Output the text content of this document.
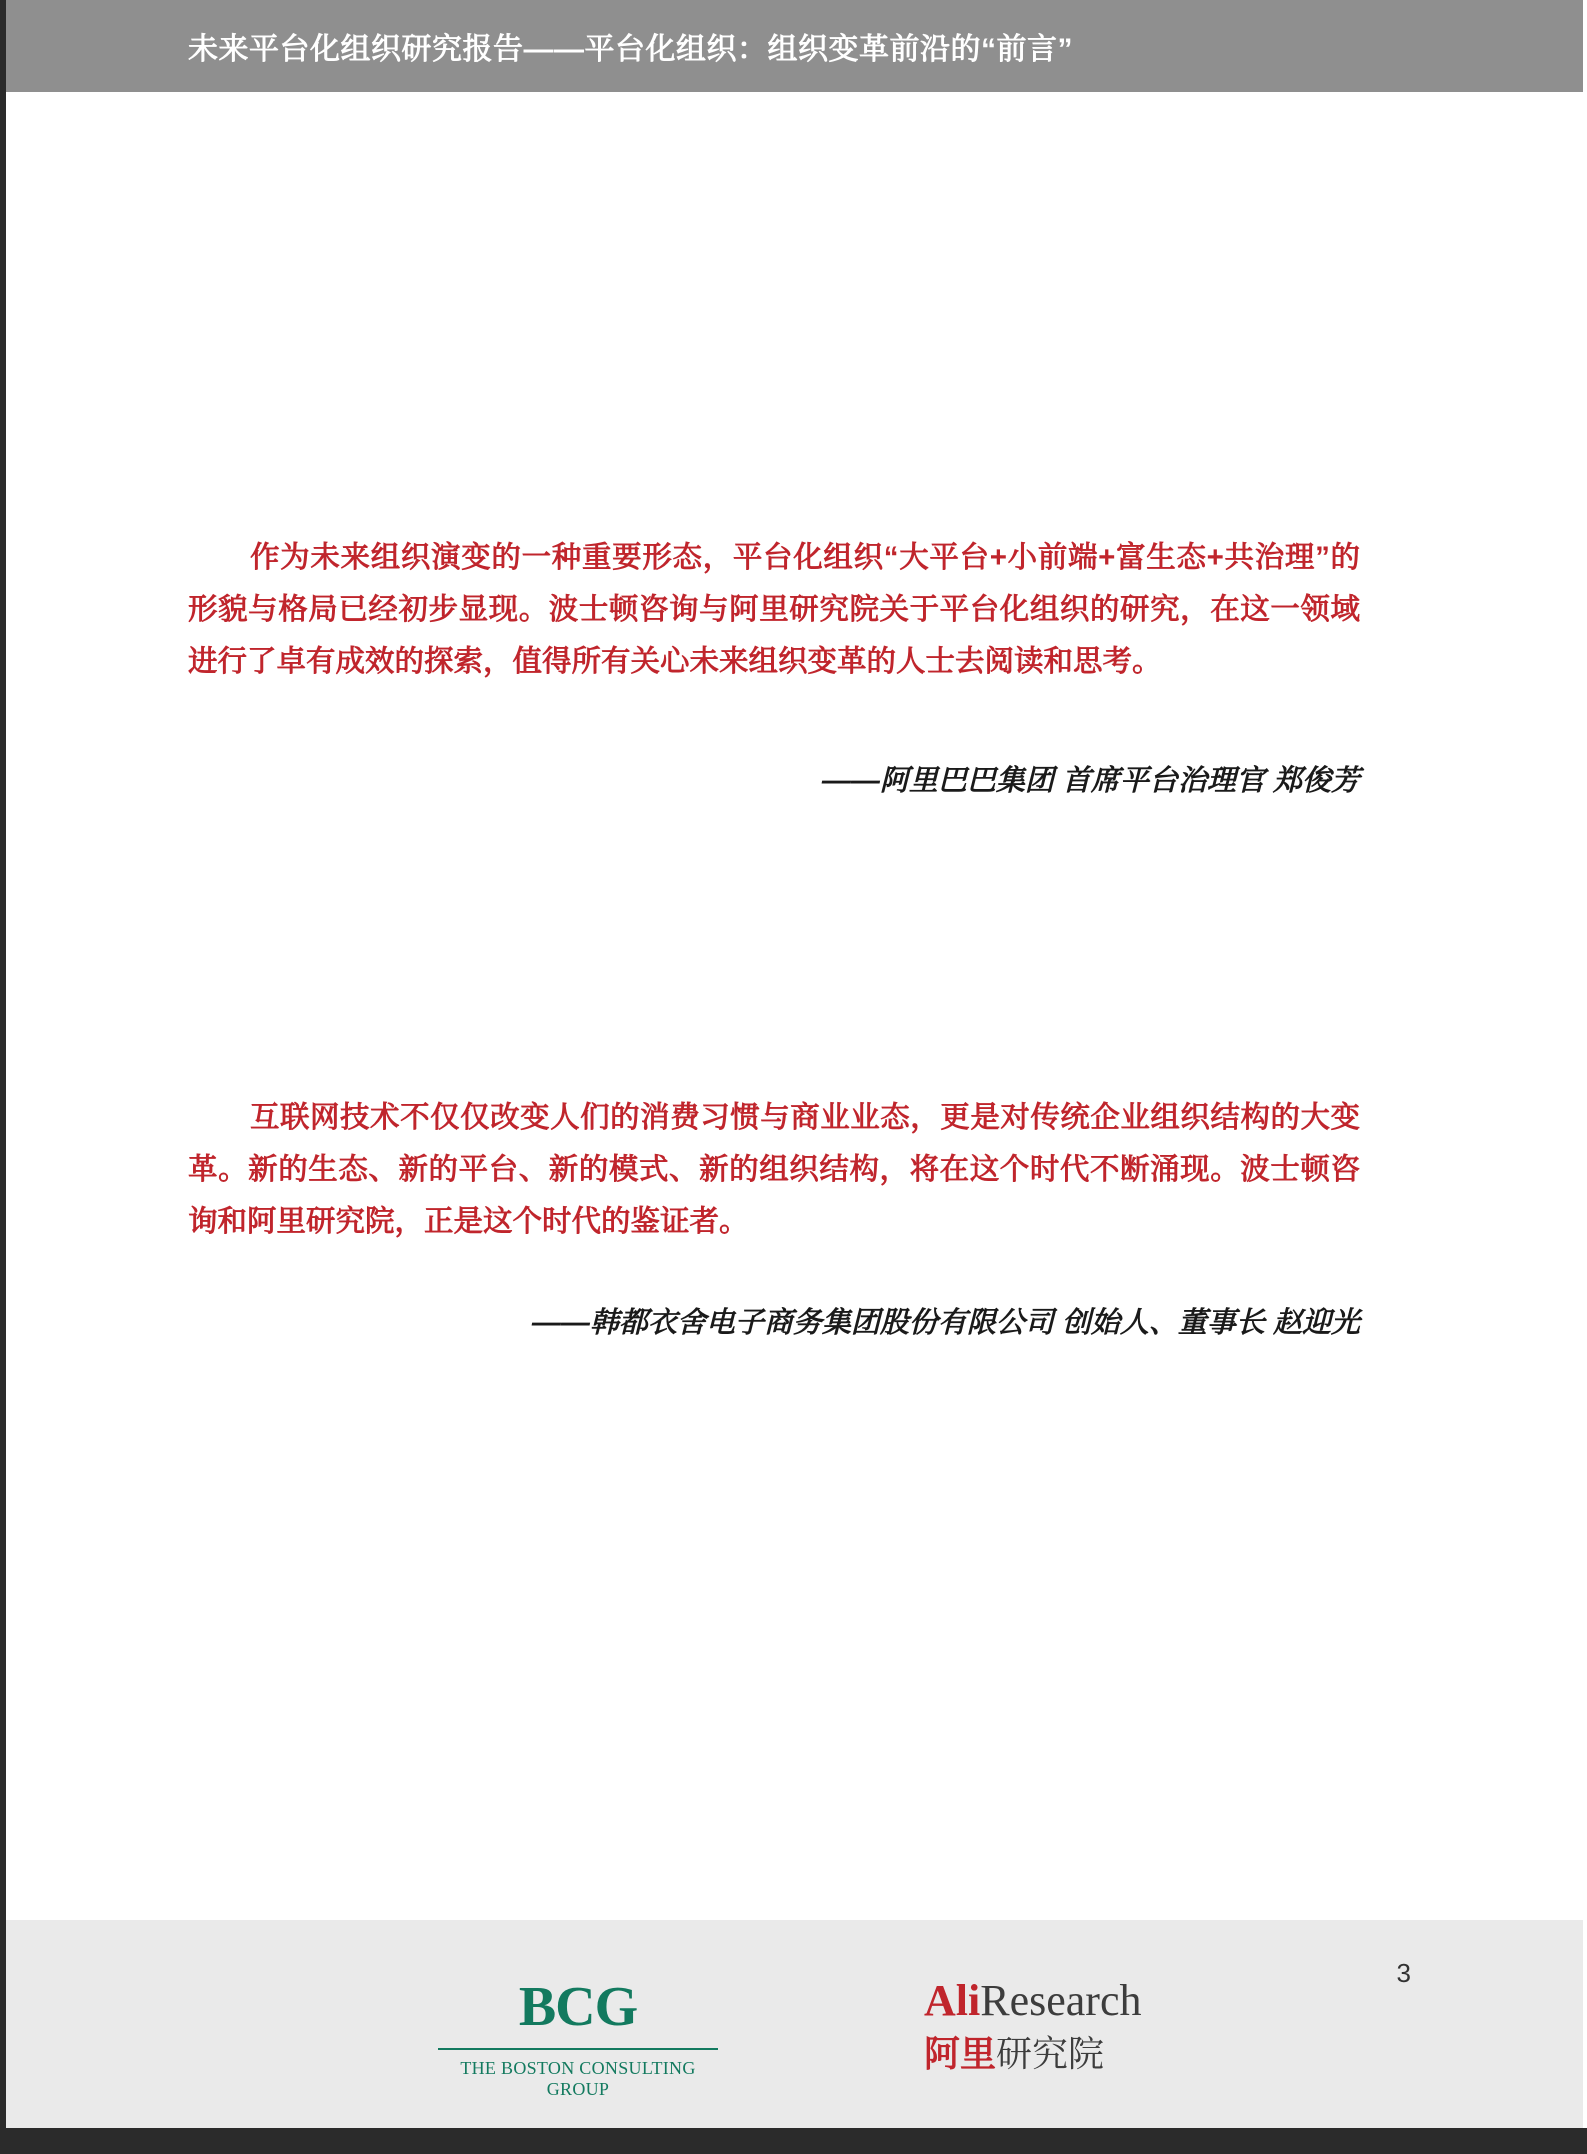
未来平台化组织研究报告——平台化组织：组织变革前沿的“前言”

作为未来组织演变的一种重要形态，平台化组织“大平台+小前端+富生态+共治理”的形貌与格局已经初步显现。波士顿咨询与阿里研究院关于平台化组织的研究，在这一领域进行了卓有成效的探索，值得所有关心未来组织变革的人士去阅读和思考。

——阿里巴巴集团 首席平台治理官 郑俊芳

互联网技术不仅仅改变人们的消费习惯与商业业态，更是对传统企业组织结构的大变革。新的生态、新的平台、新的模式、新的组织结构，将在这个时代不断涌现。波士顿咨询和阿里研究院，正是这个时代的鉴证者。

——韩都衣舍电子商务集团股份有限公司 创始人、董事长 赵迎光

3
BCG
THE BOSTON CONSULTING GROUP
AliResearch
阿里研究院
